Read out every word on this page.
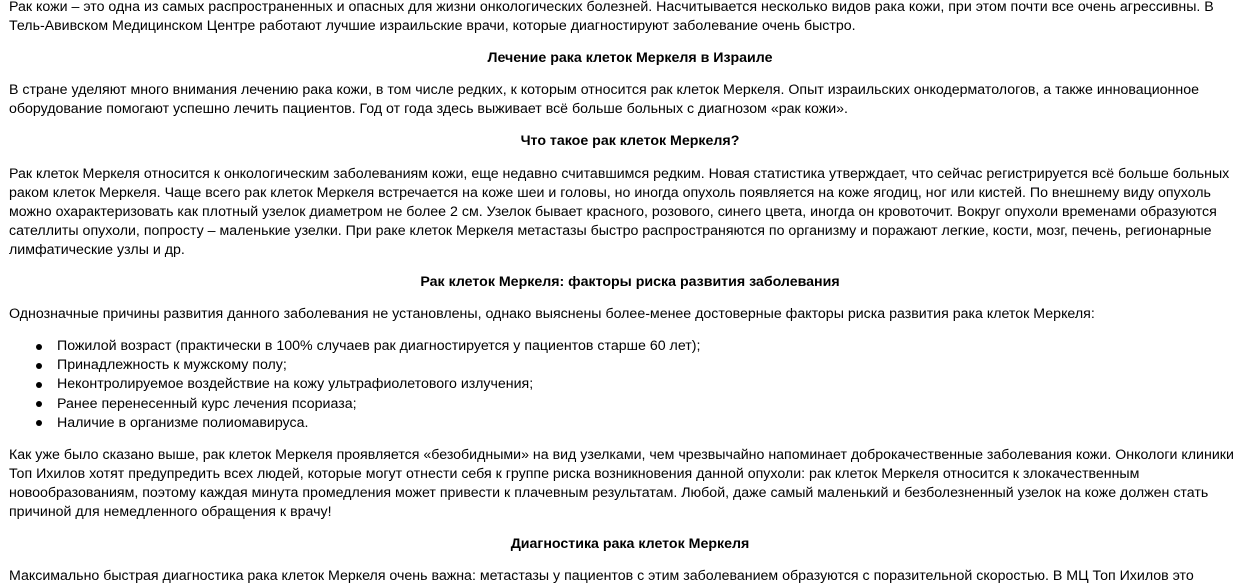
Рак кожи – это одна из самых распространенных и опасных для жизни онкологических болезней. Насчитывается несколько видов рака кожи, при этом почти все очень агрессивны. В Тель-Авивском Медицинском Центре работают лучшие израильские врачи, которые диагностируют заболевание очень быстро.

Лечение рака клеток Меркеля в Израиле

В стране уделяют много внимания лечению рака кожи, в том числе редких, к которым относится рак клеток Меркеля. Опыт израильских онкодерматологов, а также инновационное оборудование помогают успешно лечить пациентов. Год от года здесь выживает всё больше больных с диагнозом «рак кожи».

Что такое рак клеток Меркеля?

Рак клеток Меркеля относится к онкологическим заболеваниям кожи, еще недавно считавшимся редким. Новая статистика утверждает, что сейчас регистрируется всё больше больных раком клеток Меркеля. Чаще всего рак клеток Меркеля встречается на коже шеи и головы, но иногда опухоль появляется на коже ягодиц, ног или кистей. По внешнему виду опухоль можно охарактеризовать как плотный узелок диаметром не более 2 см. Узелок бывает красного, розового, синего цвета, иногда он кровоточит. Вокруг опухоли временами образуются сателлиты опухоли, попросту – маленькие узелки. При раке клеток Меркеля метастазы быстро распространяются по организму и поражают легкие, кости, мозг, печень, регионарные лимфатические узлы и др.

Рак клеток Меркеля: факторы риска развития заболевания

Однозначные причины развития данного заболевания не установлены, однако выяснены более-менее достоверные факторы риска развития рака клеток Меркеля:

Пожилой возраст (практически в 100% случаев рак диагностируется у пациентов старше 60 лет);
Принадлежность к мужскому полу;
Неконтролируемое воздействие на кожу ультрафиолетового излучения;
Ранее перенесенный курс лечения псориаза;
Наличие в организме полиомавируса.

Как уже было сказано выше, рак клеток Меркеля проявляется «безобидными» на вид узелками, чем чрезвычайно напоминает доброкачественные заболевания кожи. Онкологи клиники Топ Ихилов хотят предупредить всех людей, которые могут отнести себя к группе риска возникновения данной опухоли: рак клеток Меркеля относится к злокачественным новообразованиям, поэтому каждая минута промедления может привести к плачевным результатам. Любой, даже самый маленький и безболезненный узелок на коже должен стать причиной для немедленного обращения к врачу!

Диагностика рака клеток Меркеля

Максимально быстрая диагностика рака клеток Меркеля очень важна: метастазы у пациентов с этим заболеванием образуются с поразительной скоростью. В МЦ Топ Ихилов это
